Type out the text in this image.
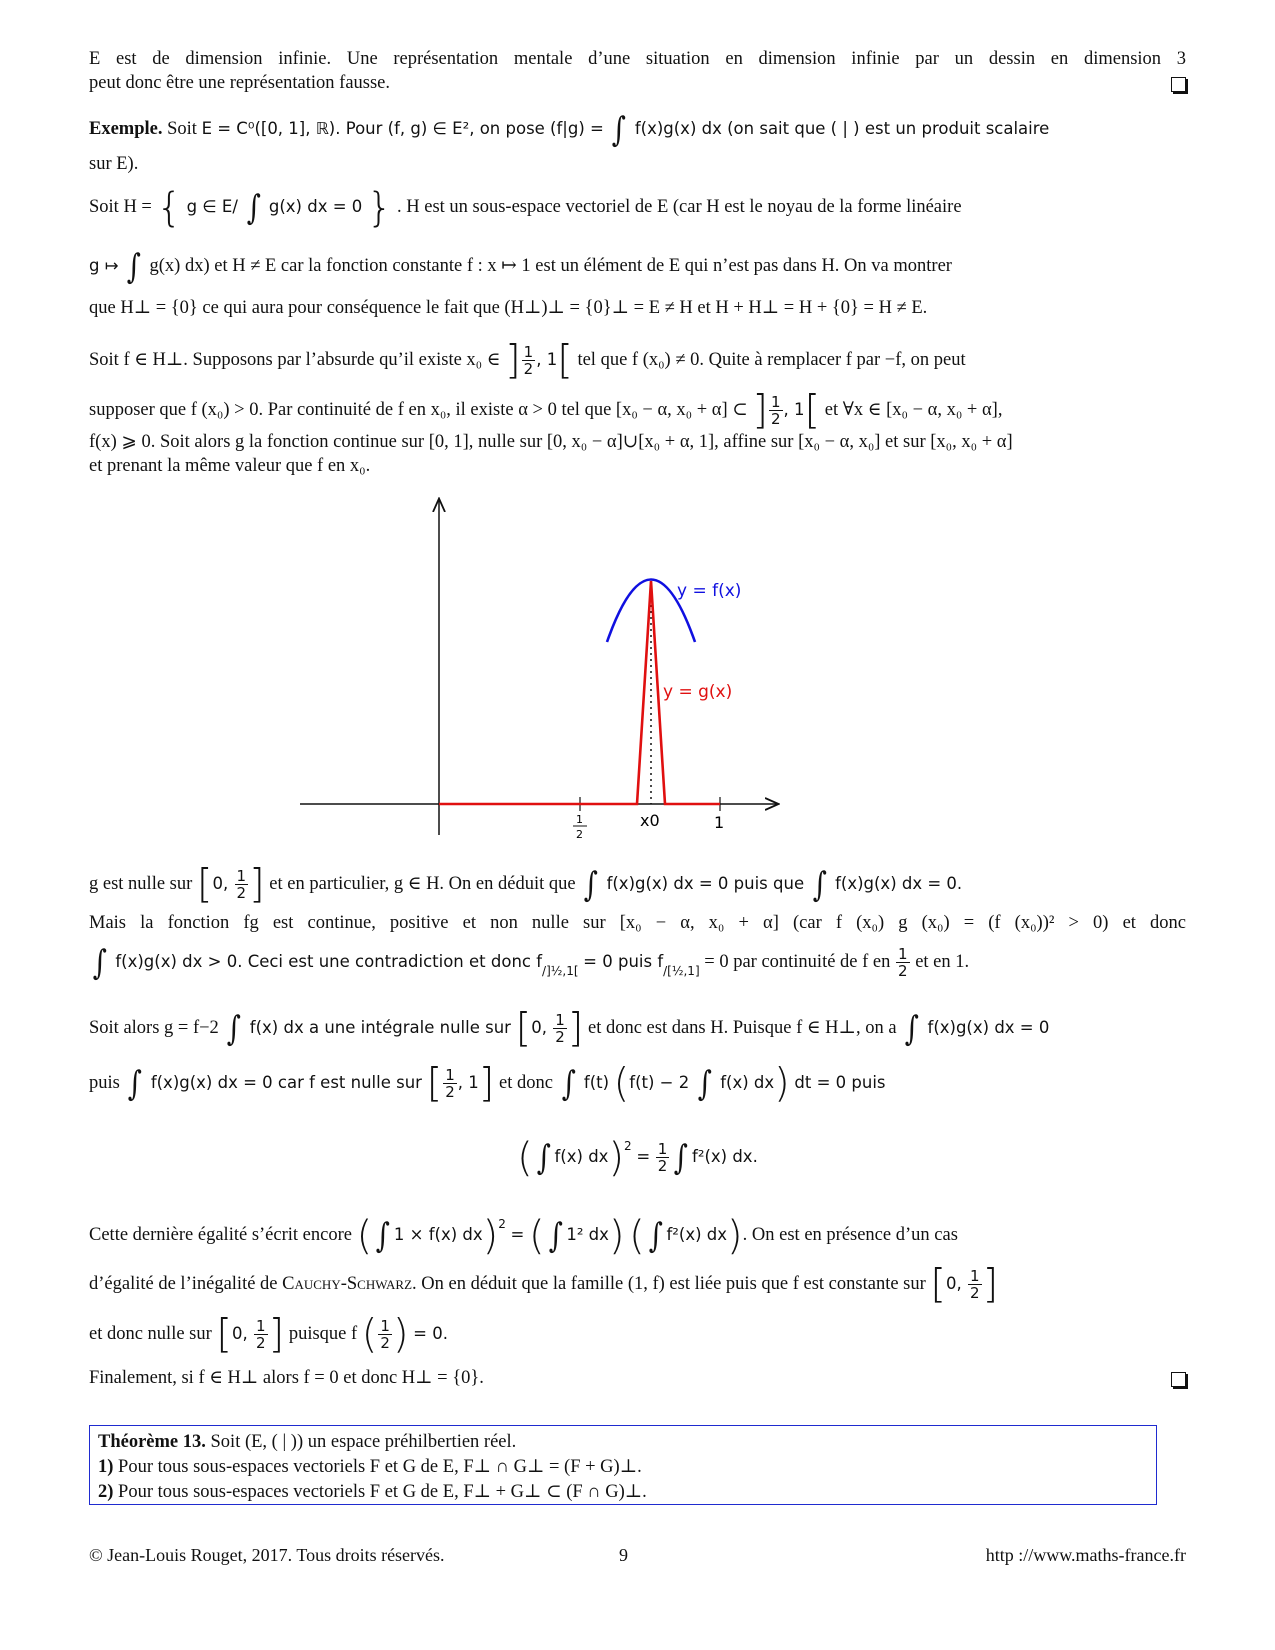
E est de dimension infinie. Une représentation mentale d’une situation en dimension infinie par un dessin en dimension 3
peut donc être une représentation fausse.
Exemple. Soit E = C⁰([0, 1], ℝ). Pour (f, g) ∈ E², on pose (f|g) = ∫ f(x)g(x) dx (on sait que ( | ) est un produit scalaire
sur E).
Soit H = { g ∈ E/ ∫ g(x) dx = 0 } . H est un sous-espace vectoriel de E (car H est le noyau de la forme linéaire
g ↦ ∫ g(x) dx) et H ≠ E car la fonction constante f : x ↦ 1 est un élément de E qui n’est pas dans H. On va montrer
que H⊥ = {0} ce qui aura pour conséquence le fait que (H⊥)⊥ = {0}⊥ = E ≠ H et H + H⊥ = H + {0} = H ≠ E.
Soit f ∈ H⊥. Supposons par l’absurde qu’il existe x₀ ∈ ] $\frac{1}{2}$ , 1[ tel que f (x₀) ≠ 0. Quite à remplacer f par −f, on peut
supposer que f (x₀) > 0. Par continuité de f en x₀, il existe α > 0 tel que [x₀ − α, x₀ + α] ⊂ ] $\frac{1}{2}$ , 1[ et ∀x ∈ [x₀ − α, x₀ + α],
f(x) ⩾ 0. Soit alors g la fonction continue sur [0, 1], nulle sur [0, x₀ − α]∪[x₀ + α, 1], affine sur [x₀ − α, x₀] et sur [x₀, x₀ + α]
et prenant la même valeur que f en x₀.
y = f(x)
y = g(x)
1
2
x0	1
g est nulle sur [0, $\frac{1}{2}$ ] et en particulier, g ∈ H. On en déduit que ∫ f(x)g(x) dx = 0 puis que ∫ f(x)g(x) dx = 0.
Mais la fonction fg est continue, positive et non nulle sur [x₀ − α, x₀ + α] (car f (x₀) g (x₀) = (f (x₀))² > 0) et donc
∫ f(x)g(x) dx > 0. Ceci est une contradiction et donc $f_{/]\frac{1}{2},1[} = 0$ puis $f_{/[\frac{1}{2},1]} = 0$ par continuité de f en $\frac{1}{2}$ et en 1.
Soit alors g = f−2 ∫ f(x) dx a une intégrale nulle sur [0, $\frac{1}{2}$ ] et donc est dans H. Puisque f ∈ H⊥, on a ∫ f(x)g(x) dx = 0
puis ∫ f(x)g(x) dx = 0 car f est nulle sur [ $\frac{1}{2}$ , 1] et donc ∫ f(t) (f(t) − 2 ∫ f(x) dx) dt = 0 puis
( ∫ f(x) $dx)^2 = \frac{1}{2}$ ∫ f²(x) dx.
Cette dernière égalité s’écrit encore ( ∫ 1 × f(x) dx)$^2$ = ( ∫ 1² dx) ( ∫ f²(x) dx). On est en présence d’un cas
d’égalité de l’inégalité de Cauchy-Schwarz. On en déduit que la famille (1, f) est liée puis que f est constante sur [0, $\frac{1}{2}$ ]
et donc nulle sur [0, $\frac{1}{2}$ ] puisque f ( $\frac{1}{2}$ ) = 0.
Finalement, si f ∈ H⊥ alors f = 0 et donc H⊥ = {0}.
Théorème 13. Soit (E, ( | )) un espace préhilbertien réel.
1) Pour tous sous-espaces vectoriels F et G de E, F⊥ ∩ G⊥ = (F + G)⊥.
2) Pour tous sous-espaces vectoriels F et G de E, F⊥ + G⊥ ⊂ (F ∩ G)⊥.
© Jean-Louis Rouget, 2017. Tous droits réservés.	9	http ://www.maths-france.fr
